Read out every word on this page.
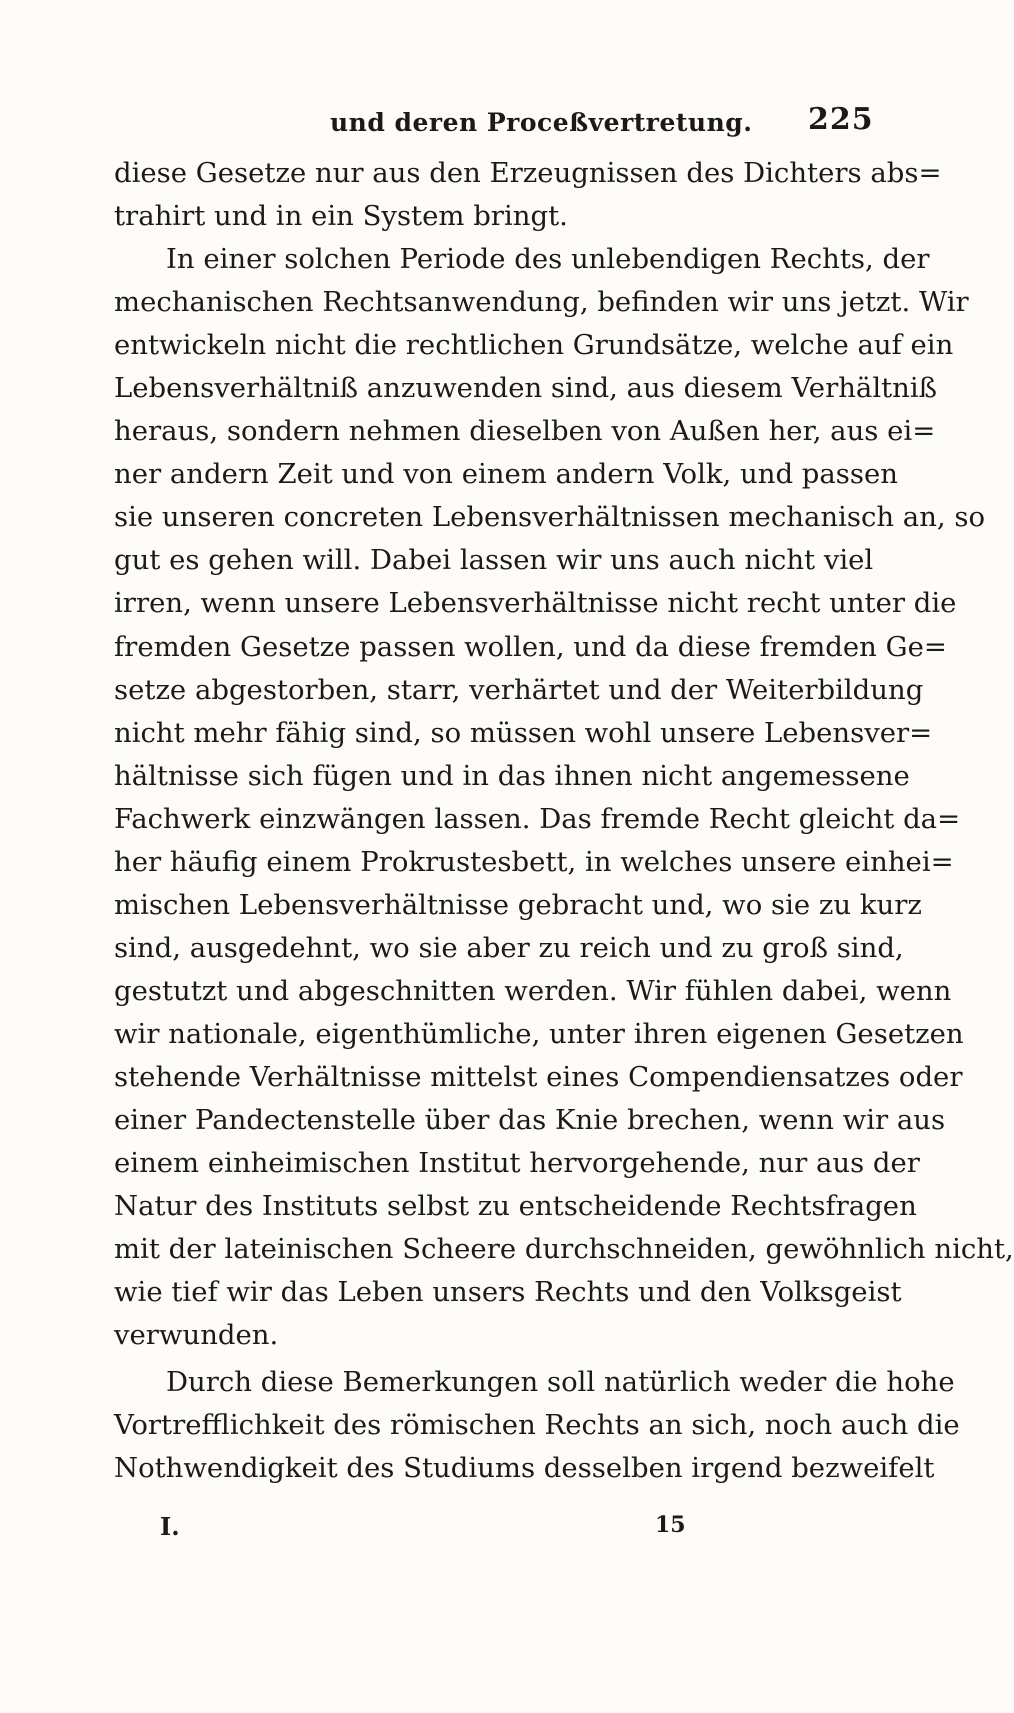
und deren Proceßvertretung. 225
diese Gesetze nur aus den Erzeugnissen des Dichters abs=
trahirt und in ein System bringt.
In einer solchen Periode des unlebendigen Rechts, der
mechanischen Rechtsanwendung, befinden wir uns jetzt. Wir
entwickeln nicht die rechtlichen Grundsätze, welche auf ein
Lebensverhältniß anzuwenden sind, aus diesem Verhältniß
heraus, sondern nehmen dieselben von Außen her, aus ei=
ner andern Zeit und von einem andern Volk, und passen
sie unseren concreten Lebensverhältnissen mechanisch an, so
gut es gehen will. Dabei lassen wir uns auch nicht viel
irren, wenn unsere Lebensverhältnisse nicht recht unter die
fremden Gesetze passen wollen, und da diese fremden Ge=
setze abgestorben, starr, verhärtet und der Weiterbildung
nicht mehr fähig sind, so müssen wohl unsere Lebensver=
hältnisse sich fügen und in das ihnen nicht angemessene
Fachwerk einzwängen lassen. Das fremde Recht gleicht da=
her häufig einem Prokrustesbett, in welches unsere einhei=
mischen Lebensverhältnisse gebracht und, wo sie zu kurz
sind, ausgedehnt, wo sie aber zu reich und zu groß sind,
gestutzt und abgeschnitten werden. Wir fühlen dabei, wenn
wir nationale, eigenthümliche, unter ihren eigenen Gesetzen
stehende Verhältnisse mittelst eines Compendiensatzes oder
einer Pandectenstelle über das Knie brechen, wenn wir aus
einem einheimischen Institut hervorgehende, nur aus der
Natur des Instituts selbst zu entscheidende Rechtsfragen
mit der lateinischen Scheere durchschneiden, gewöhnlich nicht,
wie tief wir das Leben unsers Rechts und den Volksgeist
verwunden.
Durch diese Bemerkungen soll natürlich weder die hohe
Vortrefflichkeit des römischen Rechts an sich, noch auch die
Nothwendigkeit des Studiums desselben irgend bezweifelt
I.	15
